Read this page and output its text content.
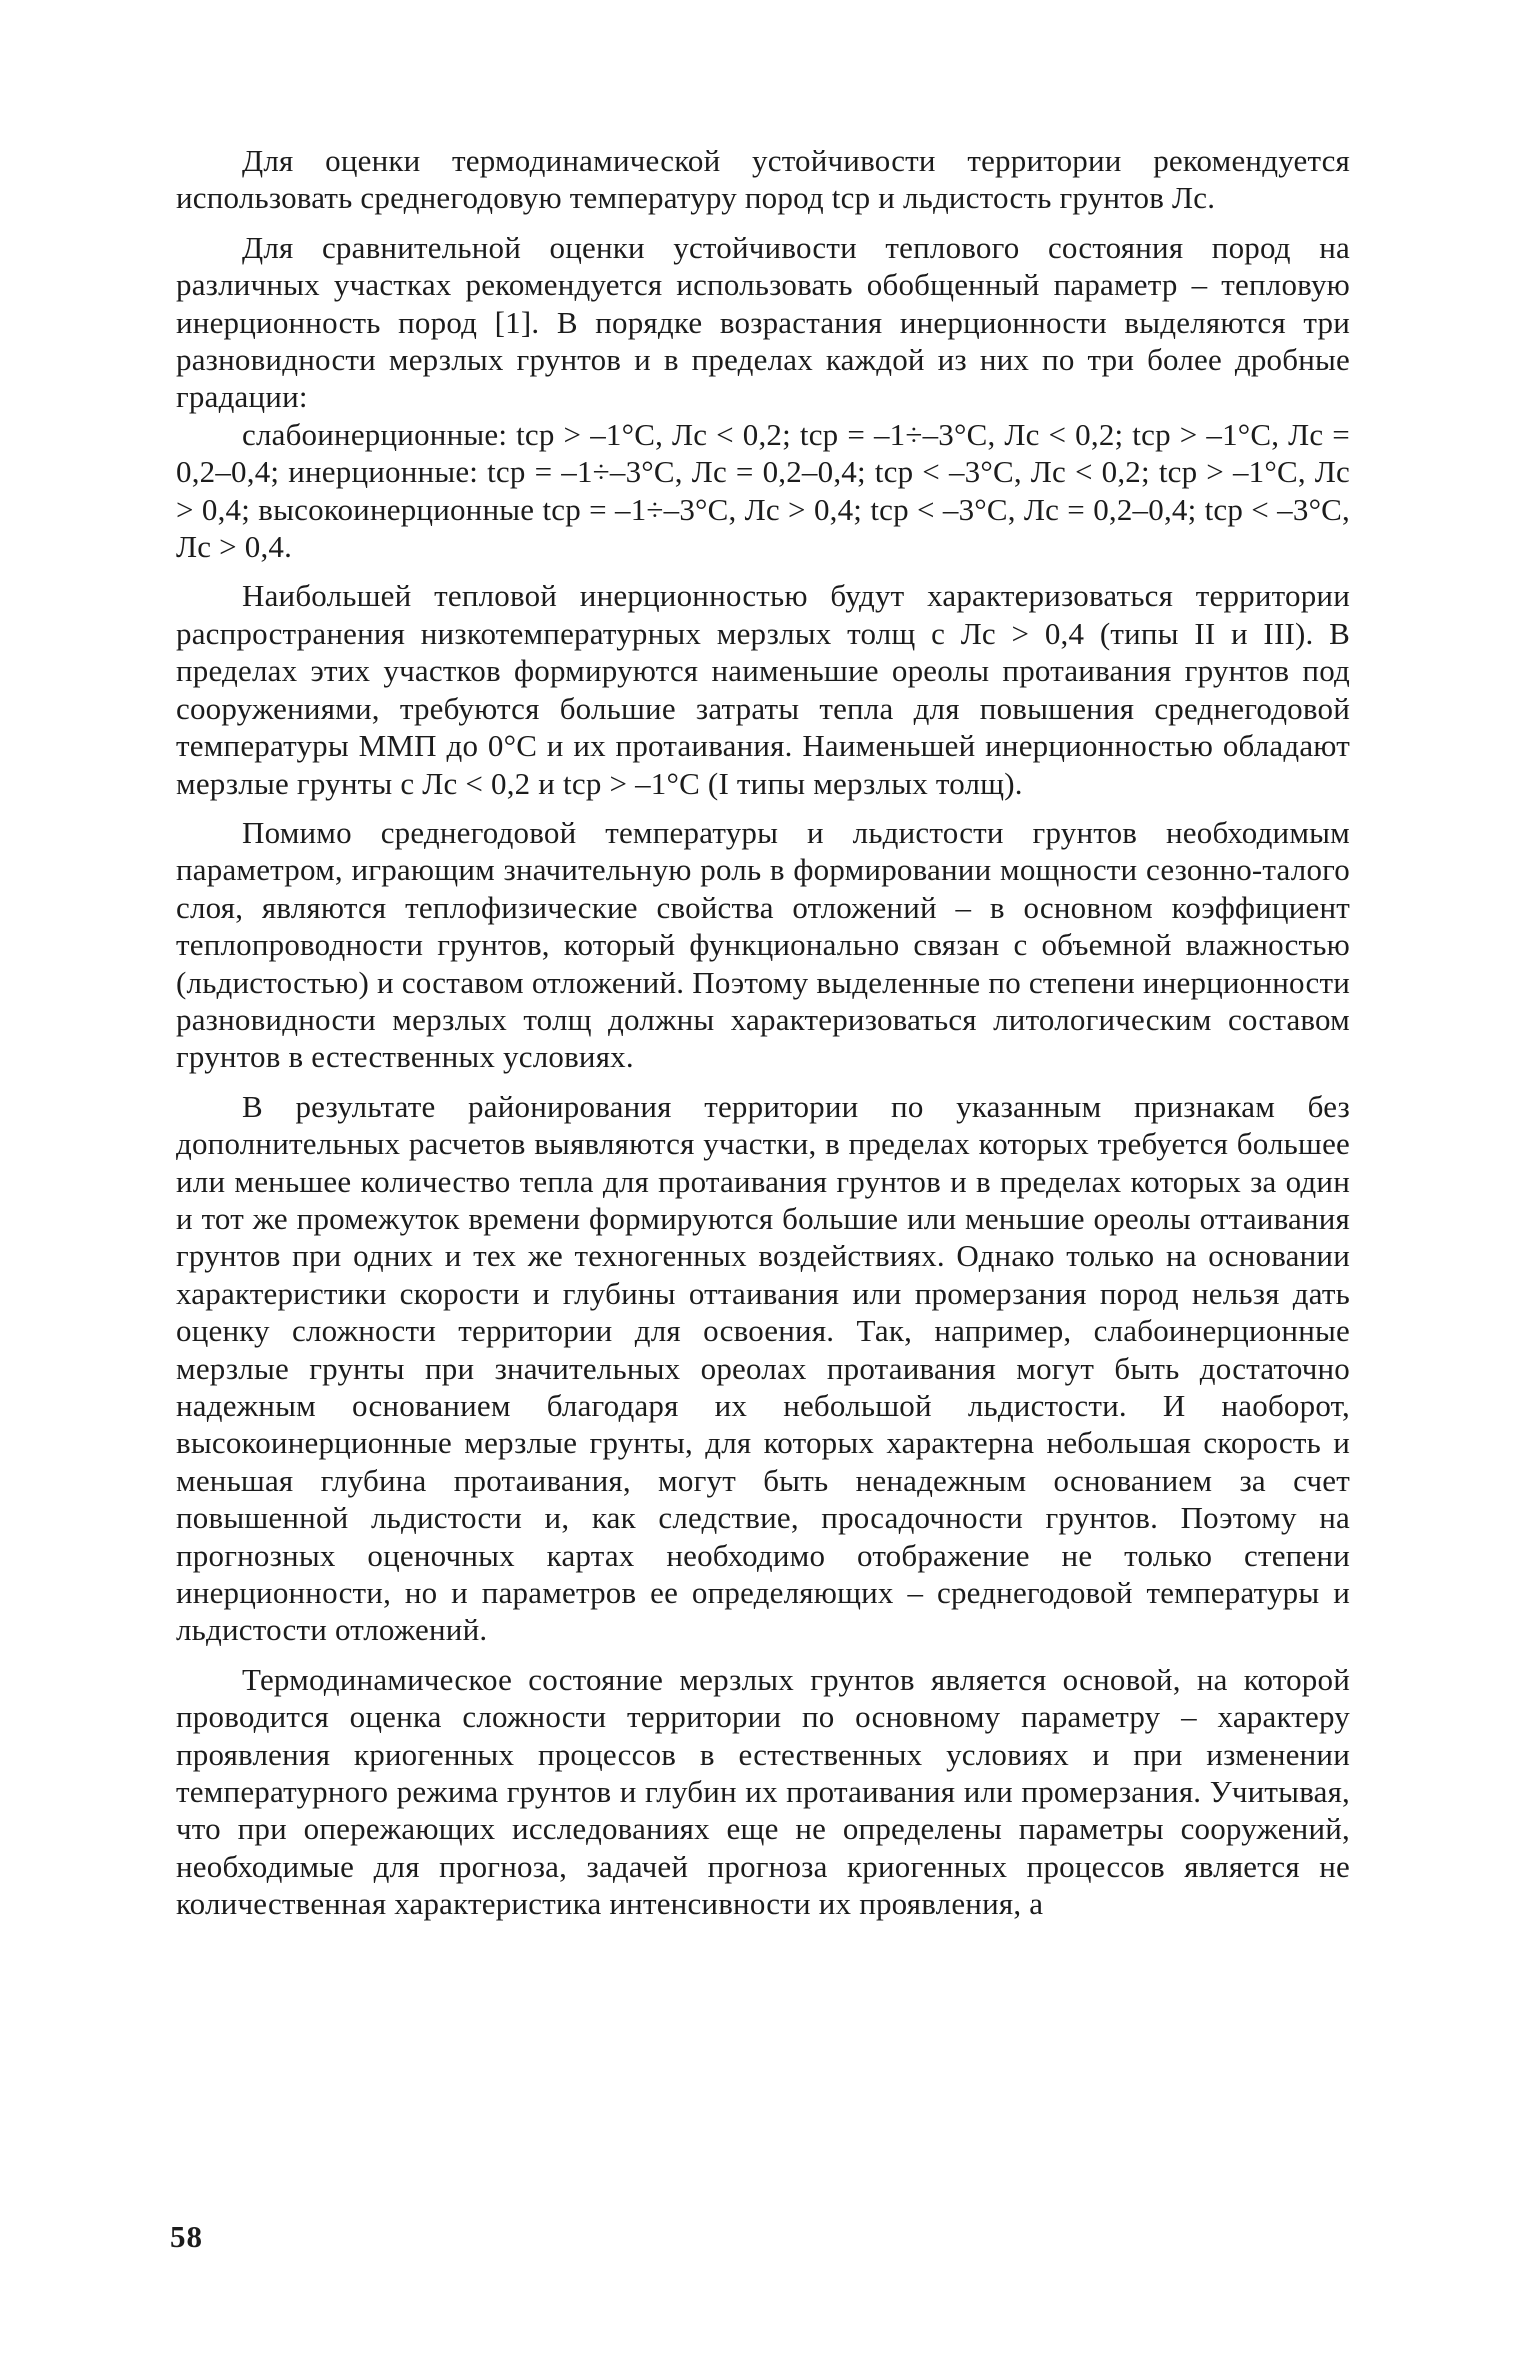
Для оценки термодинамической устойчивости территории рекомендуется использовать среднегодовую температуру пород tср и льдистость грунтов Лс.

Для сравнительной оценки устойчивости теплового состояния пород на различных участках рекомендуется использовать обобщенный параметр – тепловую инерционность пород [1]. В порядке возрастания инерционности выделяются три разновидности мерзлых грунтов и в пределах каждой из них по три более дробные градации:

слабоинерционные: tср > –1°С, Лс < 0,2; tср = –1÷–3°С, Лс < 0,2; tср > –1°С, Лс = 0,2–0,4; инерционные: tср = –1÷–3°С, Лс = 0,2–0,4; tср < –3°С, Лс < 0,2; tср > –1°С, Лс > 0,4; высокоинерционные tср = –1÷–3°С, Лс > 0,4; tср < –3°С, Лс = 0,2–0,4; tср < –3°С, Лс > 0,4.

Наибольшей тепловой инерционностью будут характеризоваться территории распространения низкотемпературных мерзлых толщ с Лс > 0,4 (типы II и III). В пределах этих участков формируются наименьшие ореолы протаивания грунтов под сооружениями, требуются большие затраты тепла для повышения среднегодовой температуры ММП до 0°С и их протаивания. Наименьшей инерционностью обладают мерзлые грунты с Лс < 0,2 и tср > –1°С (I типы мерзлых толщ).

Помимо среднегодовой температуры и льдистости грунтов необходимым параметром, играющим значительную роль в формировании мощности сезонно-талого слоя, являются теплофизические свойства отложений – в основном коэффициент теплопроводности грунтов, который функционально связан с объемной влажностью (льдистостью) и составом отложений. Поэтому выделенные по степени инерционности разновидности мерзлых толщ должны характеризоваться литологическим составом грунтов в естественных условиях.

В результате районирования территории по указанным признакам без дополнительных расчетов выявляются участки, в пределах которых требуется большее или меньшее количество тепла для протаивания грунтов и в пределах которых за один и тот же промежуток времени формируются большие или меньшие ореолы оттаивания грунтов при одних и тех же техногенных воздействиях. Однако только на основании характеристики скорости и глубины оттаивания или промерзания пород нельзя дать оценку сложности территории для освоения. Так, например, слабоинерционные мерзлые грунты при значительных ореолах протаивания могут быть достаточно надежным основанием благодаря их небольшой льдистости. И наоборот, высокоинерционные мерзлые грунты, для которых характерна небольшая скорость и меньшая глубина протаивания, могут быть ненадежным основанием за счет повышенной льдистости и, как следствие, просадочности грунтов. Поэтому на прогнозных оценочных картах необходимо отображение не только степени инерционности, но и параметров ее определяющих – среднегодовой температуры и льдистости отложений.

Термодинамическое состояние мерзлых грунтов является основой, на которой проводится оценка сложности территории по основному параметру – характеру проявления криогенных процессов в естественных условиях и при изменении температурного режима грунтов и глубин их протаивания или промерзания. Учитывая, что при опережающих исследованиях еще не определены параметры сооружений, необходимые для прогноза, задачей прогноза криогенных процессов является не количественная характеристика интенсивности их проявления, а

58
